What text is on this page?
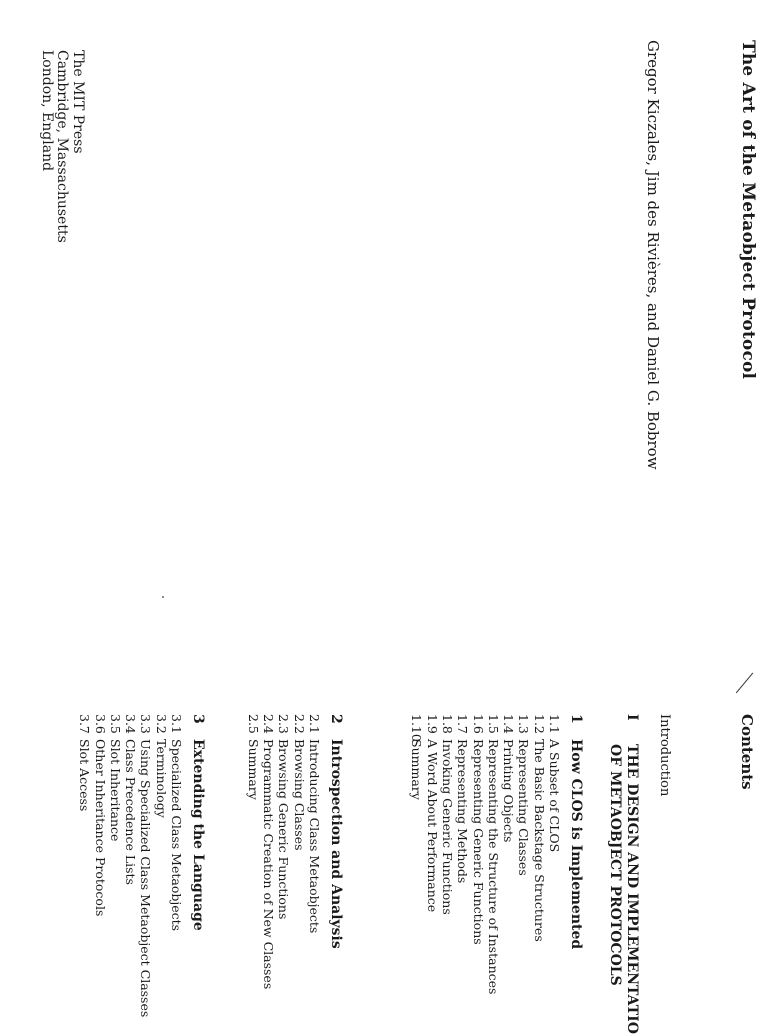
The Art of the Metaobject Protocol
Gregor Kiczales, Jim des Rivières, and Daniel G. Bobrow
The MIT Press
Cambridge, Massachusetts
London, England
Contents
Introduction
I
THE DESIGN AND IMPLEMENTATIO
OF METAOBJECT PROTOCOLS
1
How CLOS is Implemented
1.1
A Subset of CLOS
1.2
The Basic Backstage Structures
1.3
Representing Classes
1.4
Printing Objects
1.5
Representing the Structure of Instances
1.6
Representing Generic Functions
1.7
Representing Methods
1.8
Invoking Generic Functions
1.9
A Word About Performance
1.10
Summary
2
Introspection and Analysis
2.1
Introducing Class Metaobjects
2.2
Browsing Classes
2.3
Browsing Generic Functions
2.4
Programmatic Creation of New Classes
2.5
Summary
3
Extending the Language
3.1
Specialized Class Metaobjects
3.2
Terminology
3.3
Using Specialized Class Metaobject Classes
3.4
Class Precedence Lists
3.5
Slot Inheritance
3.6
Other Inheritance Protocols
3.7
Slot Access
